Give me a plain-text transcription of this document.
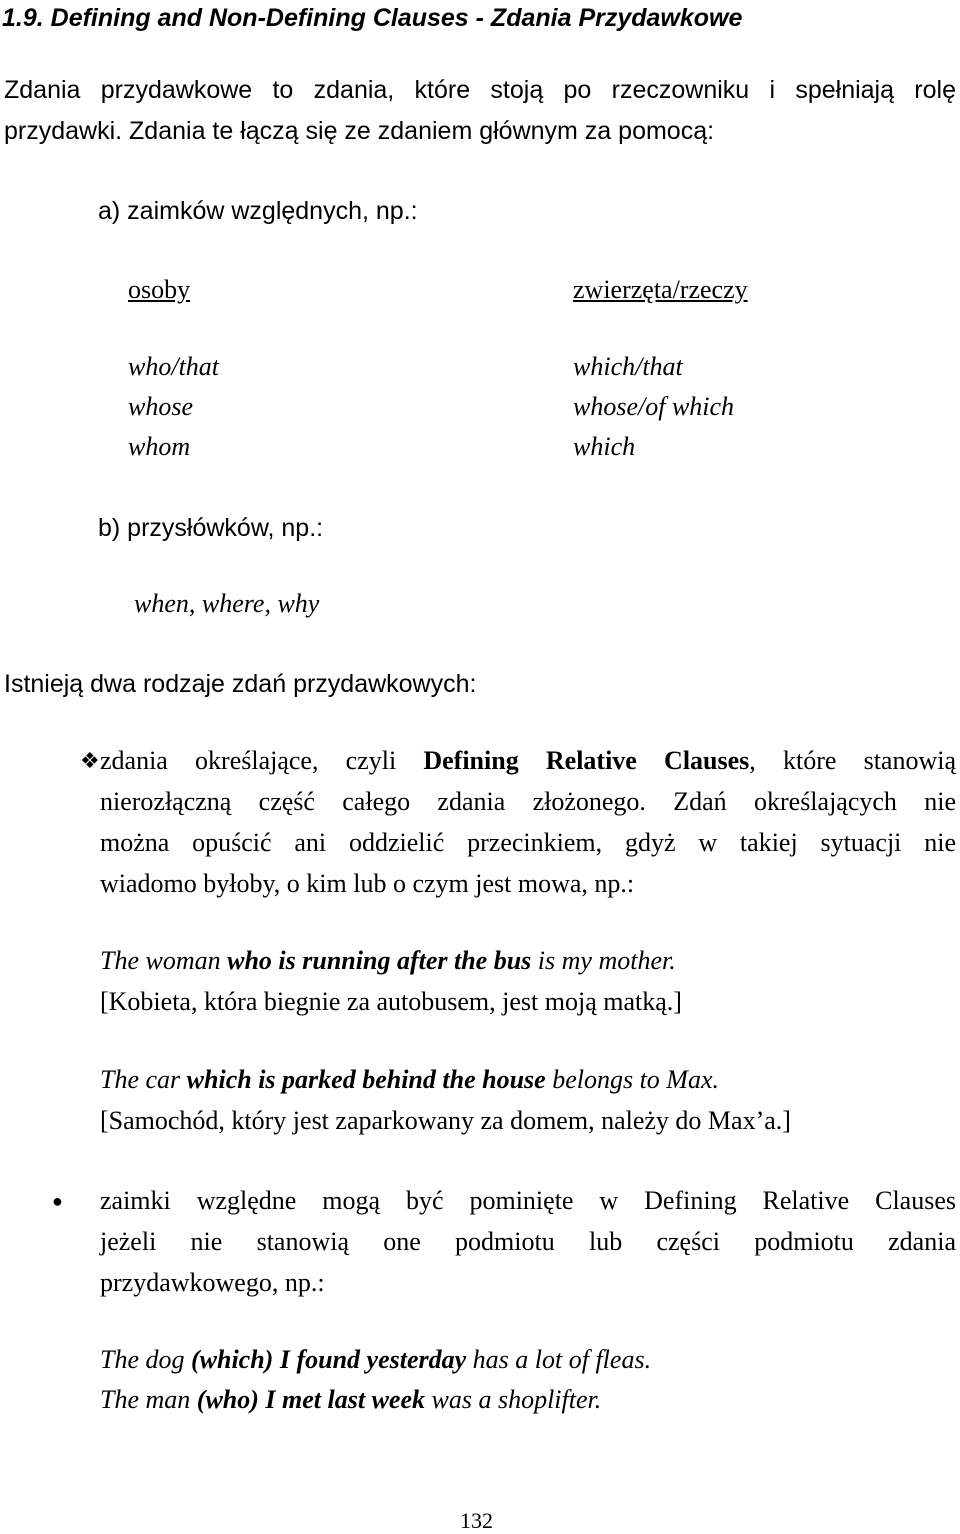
1.9. Defining and Non-Defining Clauses - Zdania Przydawkowe
Zdania przydawkowe to zdania, które stoją po rzeczowniku i spełniają rolę
przydawki. Zdania te łączą się ze zdaniem głównym za pomocą:
a) zaimków względnych, np.:
osoby	zwierzęta/rzeczy
who/that
whose
whom
which/that
whose/of which
which
b) przysłówków, np.:
when, where, why
Istnieją dwa rodzaje zdań przydawkowych:
❖ zdania określające, czyli Defining Relative Clauses, które stanowią
nierozłączną część całego zdania złożonego. Zdań określających nie
można opuścić ani oddzielić przecinkiem, gdyż w takiej sytuacji nie
wiadomo byłoby, o kim lub o czym jest mowa, np.:
The woman who is running after the bus is my mother.
[Kobieta, która biegnie za autobusem, jest moją matką.]
The car which is parked behind the house belongs to Max.
[Samochód, który jest zaparkowany za domem, należy do Max’a.]
● zaimki względne mogą być pominięte w Defining Relative Clauses
jeżeli nie stanowią one podmiotu lub części podmiotu zdania
przydawkowego, np.:
The dog (which) I found yesterday has a lot of fleas.
The man (who) I met last week was a shoplifter.
132
